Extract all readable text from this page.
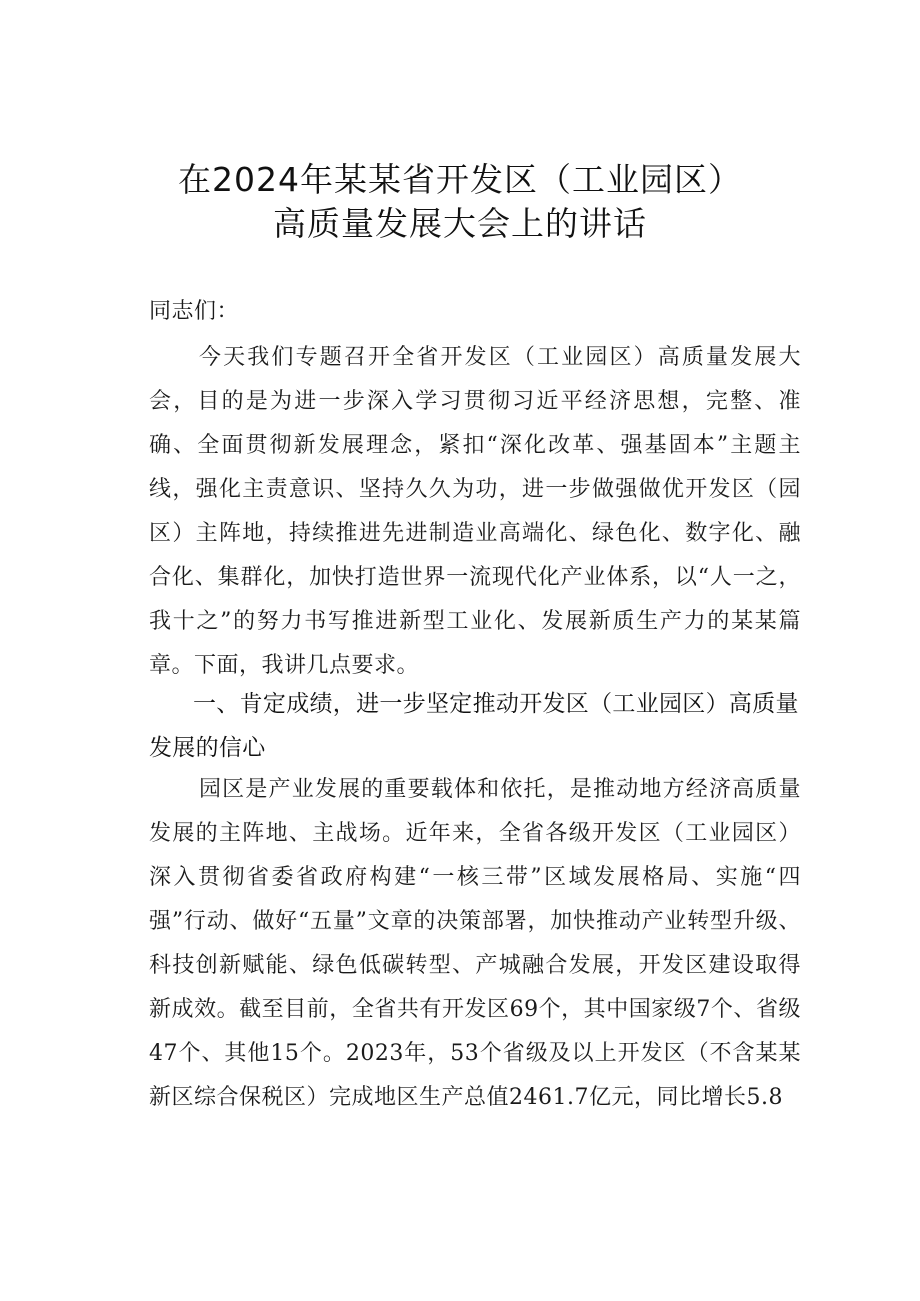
在2024年某某省开发区（工业园区）
高质量发展大会上的讲话
同志们：
今天我们专题召开全省开发区（工业园区）高质量发展大会，目的是为进一步深入学习贯彻习近平经济思想，完整、准确、全面贯彻新发展理念，紧扣“深化改革、强基固本”主题主线，强化主责意识、坚持久久为功，进一步做强做优开发区（园区）主阵地，持续推进先进制造业高端化、绿色化、数字化、融合化、集群化，加快打造世界一流现代化产业体系，以“人一之，我十之”的努力书写推进新型工业化、发展新质生产力的某某篇章。下面，我讲几点要求。
一、肯定成绩，进一步坚定推动开发区（工业园区）高质量发展的信心
园区是产业发展的重要载体和依托，是推动地方经济高质量发展的主阵地、主战场。近年来，全省各级开发区（工业园区）深入贯彻省委省政府构建“一核三带”区域发展格局、实施“四强”行动、做好“五量”文章的决策部署，加快推动产业转型升级、科技创新赋能、绿色低碳转型、产城融合发展，开发区建设取得新成效。截至目前，全省共有开发区69个，其中国家级7个、省级47个、其他15个。2023年，53个省级及以上开发区（不含某某新区综合保税区）完成地区生产总值2461.7亿元，同比增长5.8
